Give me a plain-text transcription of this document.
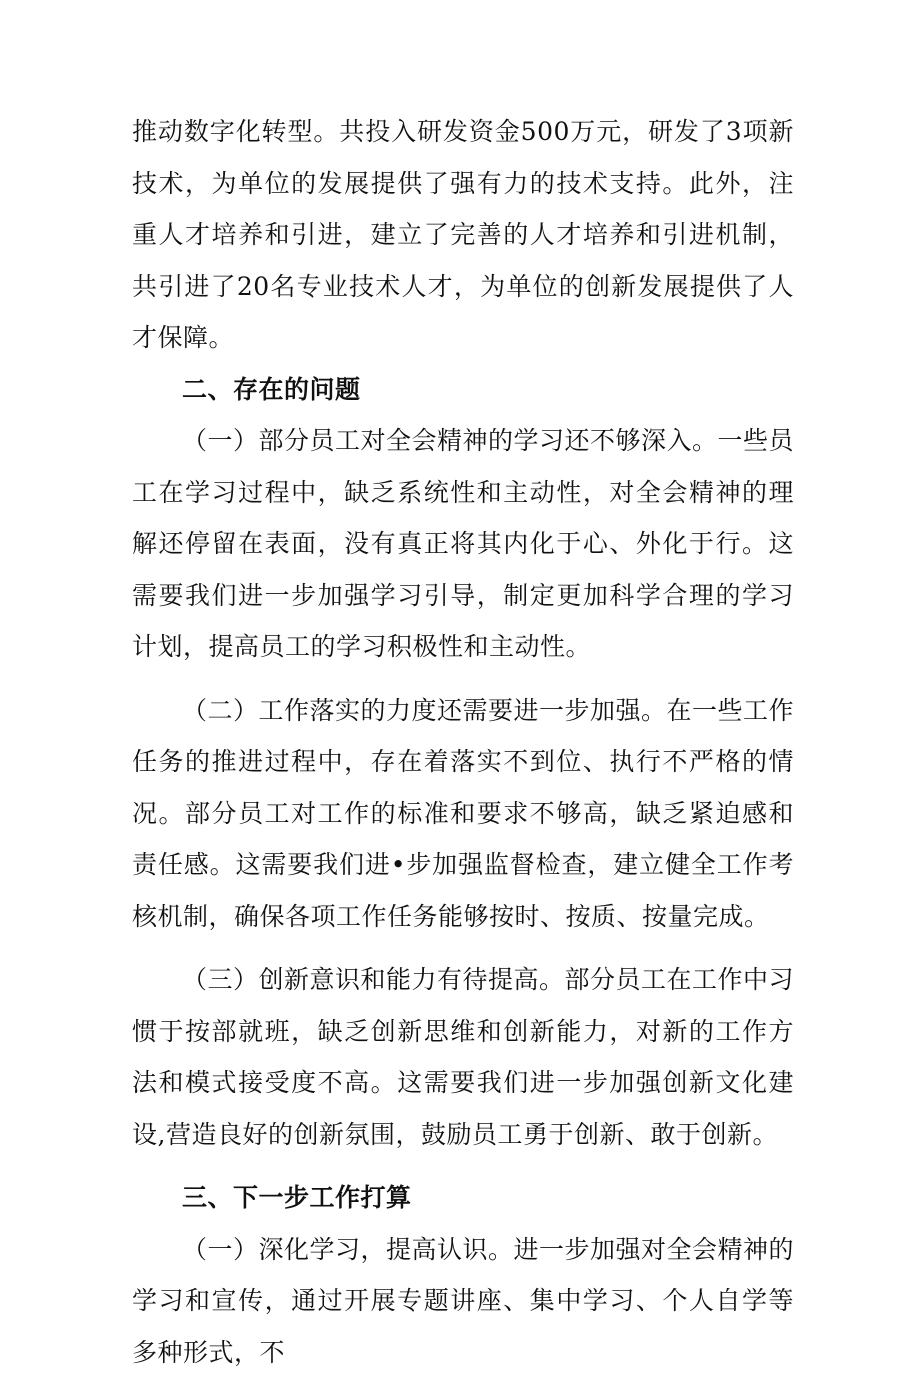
推动数字化转型。共投入研发资金500万元，研发了3项新技术，为单位的发展提供了强有力的技术支持。此外，注重人才培养和引进，建立了完善的人才培养和引进机制，共引进了20名专业技术人才，为单位的创新发展提供了人才保障。

二、存在的问题

（一）部分员工对全会精神的学习还不够深入。一些员工在学习过程中，缺乏系统性和主动性，对全会精神的理解还停留在表面，没有真正将其内化于心、外化于行。这需要我们进一步加强学习引导，制定更加科学合理的学习计划，提高员工的学习积极性和主动性。

（二）工作落实的力度还需要进一步加强。在一些工作任务的推进过程中，存在着落实不到位、执行不严格的情况。部分员工对工作的标准和要求不够高，缺乏紧迫感和责任感。这需要我们进•步加强监督检查，建立健全工作考核机制，确保各项工作任务能够按时、按质、按量完成。

（三）创新意识和能力有待提高。部分员工在工作中习惯于按部就班，缺乏创新思维和创新能力，对新的工作方法和模式接受度不高。这需要我们进一步加强创新文化建设,营造良好的创新氛围，鼓励员工勇于创新、敢于创新。

三、下一步工作打算

（一）深化学习，提高认识。进一步加强对全会精神的学习和宣传，通过开展专题讲座、集中学习、个人自学等多种形式，不
